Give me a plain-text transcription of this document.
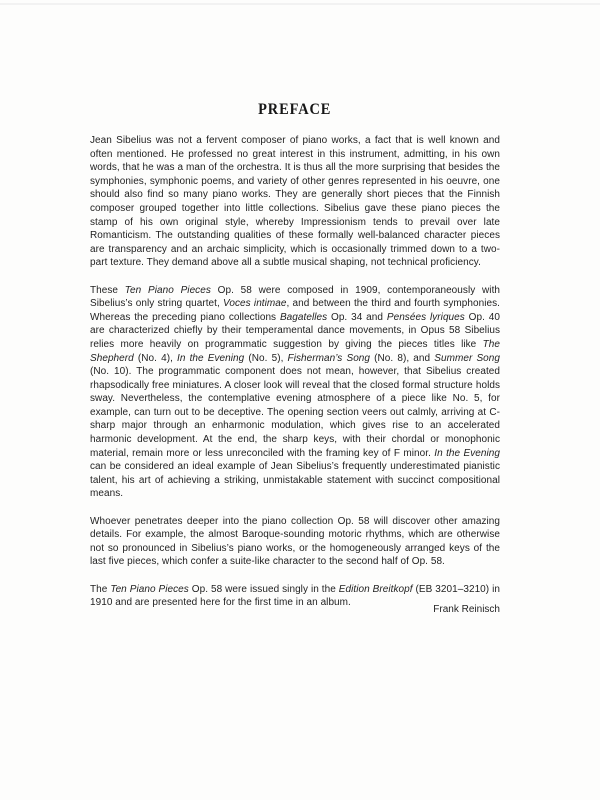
PREFACE

Jean Sibelius was not a fervent composer of piano works, a fact that is well known and often mentioned. He professed no great interest in this instrument, admitting, in his own words, that he was a man of the orchestra. It is thus all the more surprising that besides the symphonies, symphonic poems, and variety of other genres represented in his oeuvre, one should also find so many piano works. They are generally short pieces that the Finnish composer grouped together into little collections. Sibelius gave these piano pieces the stamp of his own original style, whereby Impressionism tends to prevail over late Romanticism. The outstanding qualities of these formally well-balanced character pieces are transparency and an archaic simplicity, which is occasionally trimmed down to a two-part texture. They demand above all a subtle musical shaping, not technical proficiency.

These Ten Piano Pieces Op. 58 were composed in 1909, contemporaneously with Sibelius’s only string quartet, Voces intimae, and between the third and fourth symphonies. Whereas the preceding piano collections Bagatelles Op. 34 and Pensées lyriques Op. 40 are characterized chiefly by their temperamental dance movements, in Opus 58 Sibelius relies more heavily on programmatic suggestion by giving the pieces titles like The Shepherd (No. 4), In the Evening (No. 5), Fisherman’s Song (No. 8), and Summer Song (No. 10). The programmatic component does not mean, however, that Sibelius created rhapsodically free miniatures. A closer look will reveal that the closed formal structure holds sway. Nevertheless, the contemplative evening atmosphere of a piece like No. 5, for example, can turn out to be deceptive. The opening section veers out calmly, arriving at C-sharp major through an enharmonic modulation, which gives rise to an accelerated harmonic development. At the end, the sharp keys, with their chordal or monophonic material, remain more or less unreconciled with the framing key of F minor. In the Evening can be considered an ideal example of Jean Sibelius’s frequently underestimated pianistic talent, his art of achieving a striking, unmistakable statement with succinct compositional means.

Whoever penetrates deeper into the piano collection Op. 58 will discover other amazing details. For example, the almost Baroque-sounding motoric rhythms, which are otherwise not so pronounced in Sibelius’s piano works, or the homogeneously arranged keys of the last five pieces, which confer a suite-like character to the second half of Op. 58.

The Ten Piano Pieces Op. 58 were issued singly in the Edition Breitkopf (EB 3201–3210) in 1910 and are presented here for the first time in an album.

Frank Reinisch
